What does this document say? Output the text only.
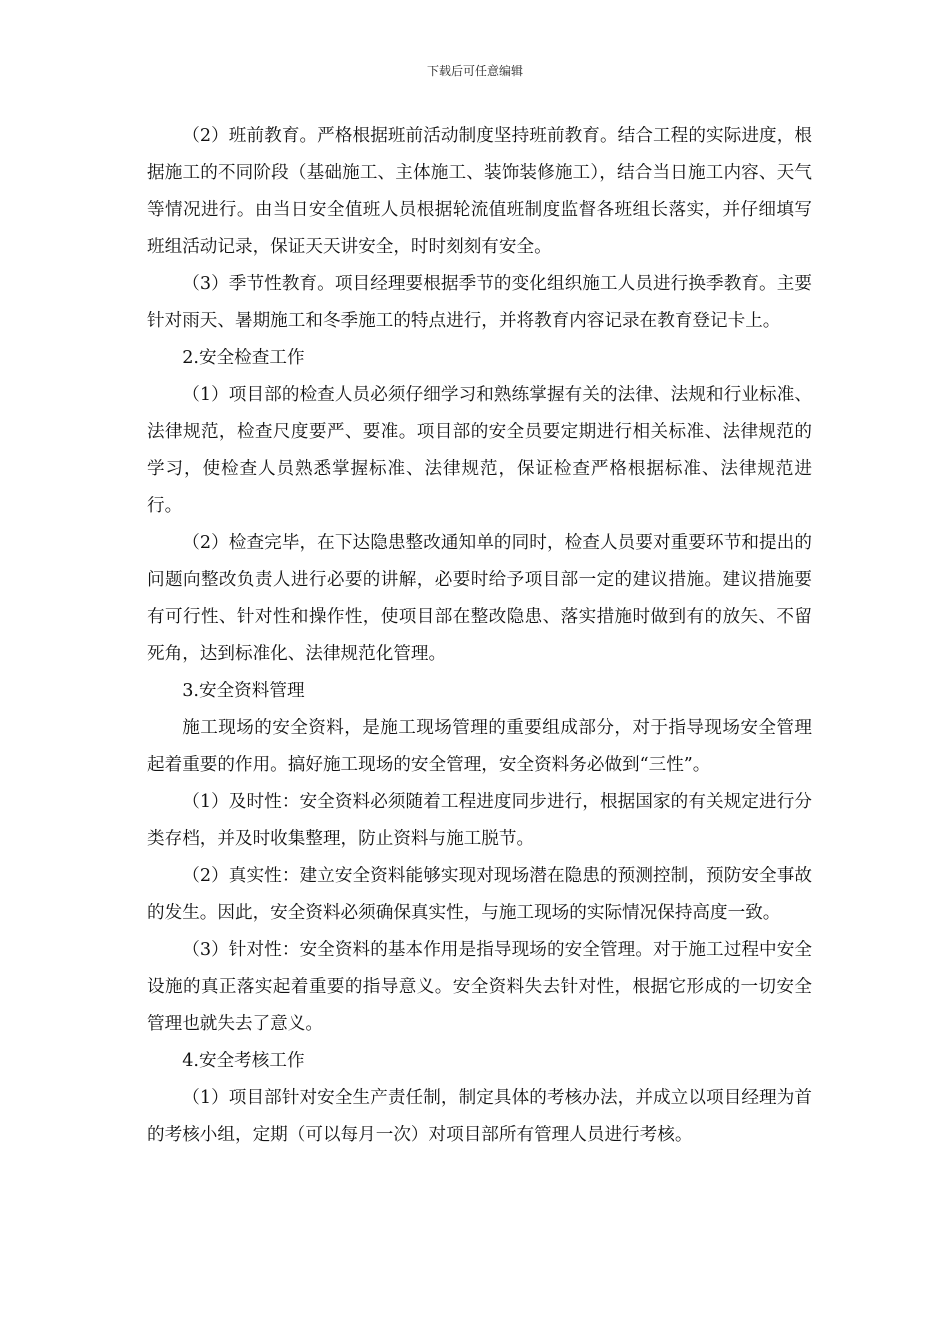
下载后可任意编辑

（2）班前教育。严格根据班前活动制度坚持班前教育。结合工程的实际进度，根据施工的不同阶段（基础施工、主体施工、装饰装修施工），结合当日施工内容、天气等情况进行。由当日安全值班人员根据轮流值班制度监督各班组长落实，并仔细填写班组活动记录，保证天天讲安全，时时刻刻有安全。

（3）季节性教育。项目经理要根据季节的变化组织施工人员进行换季教育。主要针对雨天、暑期施工和冬季施工的特点进行，并将教育内容记录在教育登记卡上。

2.安全检查工作

（1）项目部的检查人员必须仔细学习和熟练掌握有关的法律、法规和行业标准、法律规范，检查尺度要严、要准。项目部的安全员要定期进行相关标准、法律规范的学习，使检查人员熟悉掌握标准、法律规范，保证检查严格根据标准、法律规范进行。

（2）检查完毕，在下达隐患整改通知单的同时，检查人员要对重要环节和提出的问题向整改负责人进行必要的讲解，必要时给予项目部一定的建议措施。建议措施要有可行性、针对性和操作性，使项目部在整改隐患、落实措施时做到有的放矢、不留死角，达到标准化、法律规范化管理。

3.安全资料管理

施工现场的安全资料，是施工现场管理的重要组成部分，对于指导现场安全管理起着重要的作用。搞好施工现场的安全管理，安全资料务必做到“三性”。

（1）及时性：安全资料必须随着工程进度同步进行，根据国家的有关规定进行分类存档，并及时收集整理，防止资料与施工脱节。

（2）真实性：建立安全资料能够实现对现场潜在隐患的预测控制，预防安全事故的发生。因此，安全资料必须确保真实性，与施工现场的实际情况保持高度一致。

（3）针对性：安全资料的基本作用是指导现场的安全管理。对于施工过程中安全设施的真正落实起着重要的指导意义。安全资料失去针对性，根据它形成的一切安全管理也就失去了意义。

4.安全考核工作

（1）项目部针对安全生产责任制，制定具体的考核办法，并成立以项目经理为首的考核小组，定期（可以每月一次）对项目部所有管理人员进行考核。
